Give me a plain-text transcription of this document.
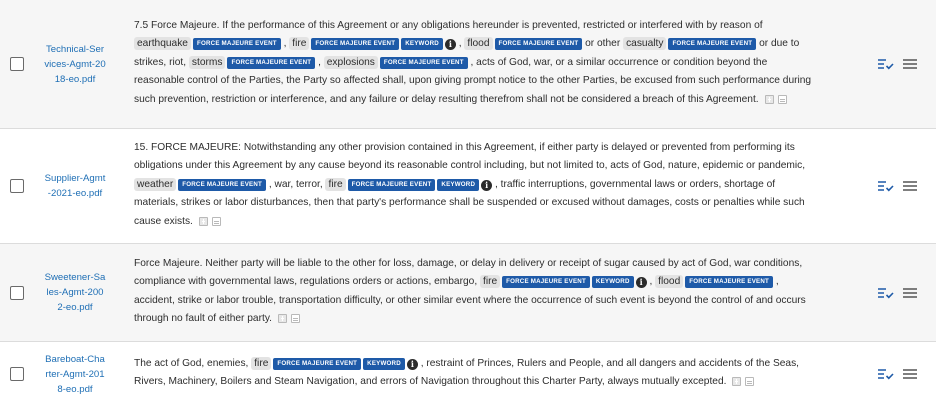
Technical-Services-Agmt-2018-eo.pdf
7.5 Force Majeure. If the performance of this Agreement or any obligations hereunder is prevented, restricted or interfered with by reason of earthquake FORCE MAJEURE EVENT , fire FORCE MAJEURE EVENT KEYWORD i , flood FORCE MAJEURE EVENT or other casualty FORCE MAJEURE EVENT or due to strikes, riot, storms FORCE MAJEURE EVENT , explosions FORCE MAJEURE EVENT , acts of God, war, or a similar occurrence or condition beyond the reasonable control of the Parties, the Party so affected shall, upon giving prompt notice to the other Parties, be excused from such performance during such prevention, restriction or interference, and any failure or delay resulting therefrom shall not be considered a breach of this Agreement.
Supplier-Agmt-2021-eo.pdf
15. FORCE MAJEURE: Notwithstanding any other provision contained in this Agreement, if either party is delayed or prevented from performing its obligations under this Agreement by any cause beyond its reasonable control including, but not limited to, acts of God, nature, epidemic or pandemic, weather FORCE MAJEURE EVENT , war, terror, fire FORCE MAJEURE EVENT KEYWORD i , traffic interruptions, governmental laws or orders, shortage of materials, strikes or labor disturbances, then that party's performance shall be suspended or excused without damages, costs or penalties while such cause exists.
Sweetener-Sales-Agmt-2002-eo.pdf
Force Majeure. Neither party will be liable to the other for loss, damage, or delay in delivery or receipt of sugar caused by act of God, war conditions, compliance with governmental laws, regulations orders or actions, embargo, fire FORCE MAJEURE EVENT KEYWORD i , flood FORCE MAJEURE EVENT , accident, strike or labor trouble, transportation difficulty, or other similar event where the occurrence of such event is beyond the control of and occurs through no fault of either party.
Bareboat-Charter-Agmt-2018-eo.pdf
The act of God, enemies, fire FORCE MAJEURE EVENT KEYWORD i , restraint of Princes, Rulers and People, and all dangers and accidents of the Seas, Rivers, Machinery, Boilers and Steam Navigation, and errors of Navigation throughout this Charter Party, always mutually excepted.
